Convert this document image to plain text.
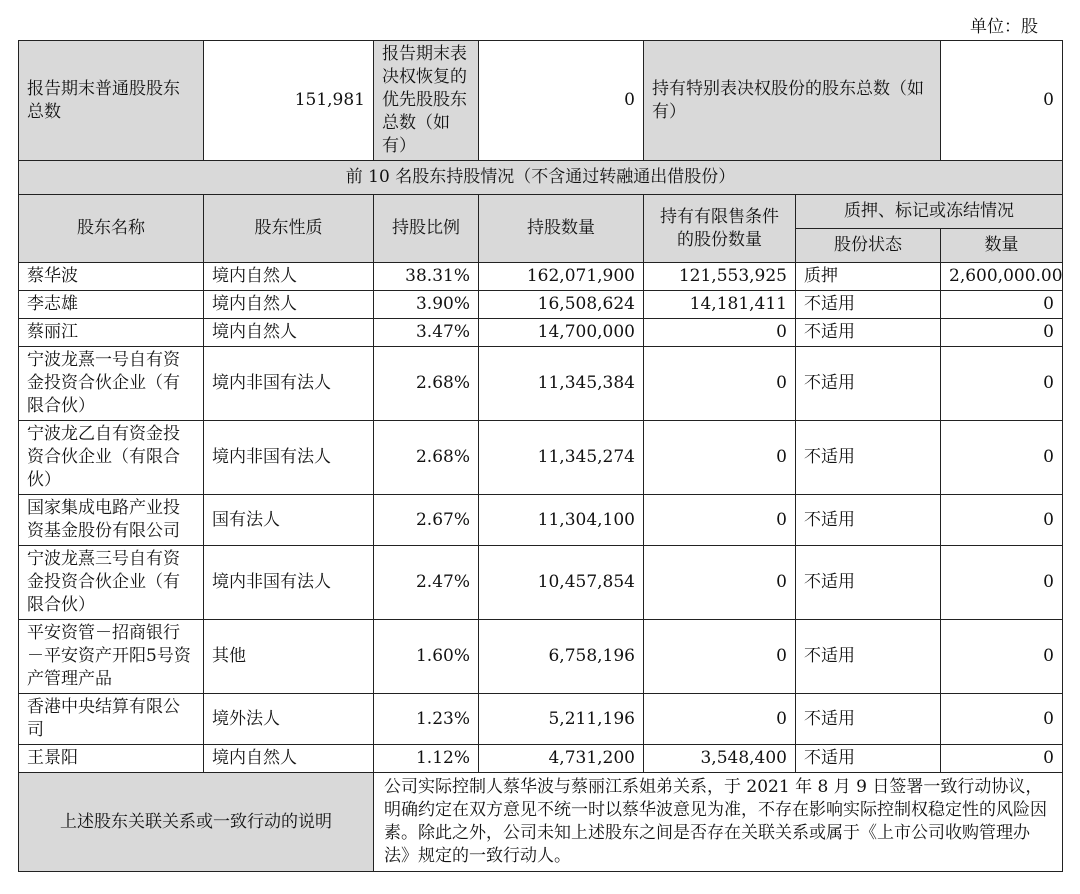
单位：股
报告期末普通股股东总数	151,981	报告期末表决权恢复的优先股股东总数（如有）	0	持有特别表决权股份的股东总数（如有）		0
前 10 名股东持股情况（不含通过转融通出借股份）						
股东名称	股东性质	持股比例	持股数量	持有有限售条件的股份数量	质押、标记或冻结情况	
					股份状态	数量
蔡华波	境内自然人	38.31%	162,071,900	121,553,925	质押	2,600,000.00
李志雄	境内自然人	3.90%	16,508,624	14,181,411	不适用	0
蔡丽江	境内自然人	3.47%	14,700,000	0	不适用	0
宁波龙熹一号自有资金投资合伙企业（有限合伙）	境内非国有法人	2.68%	11,345,384	0	不适用	0
宁波龙乙自有资金投资合伙企业（有限合伙）	境内非国有法人	2.68%	11,345,274	0	不适用	0
国家集成电路产业投资基金股份有限公司	国有法人	2.67%	11,304,100	0	不适用	0
宁波龙熹三号自有资金投资合伙企业（有限合伙）	境内非国有法人	2.47%	10,457,854	0	不适用	0
平安资管－招商银行－平安资产开阳5号资产管理产品	其他	1.60%	6,758,196	0	不适用	0
香港中央结算有限公司	境外法人	1.23%	5,211,196	0	不适用	0
王景阳	境内自然人	1.12%	4,731,200	3,548,400	不适用	0
上述股东关联关系或一致行动的说明		公司实际控制人蔡华波与蔡丽江系姐弟关系，于 2021 年 8 月 9 日签署一致行动协议，明确约定在双方意见不统一时以蔡华波意见为准，不存在影响实际控制权稳定性的风险因素。除此之外，公司未知上述股东之间是否存在关联关系或属于《上市公司收购管理办法》规定的一致行动人。				
